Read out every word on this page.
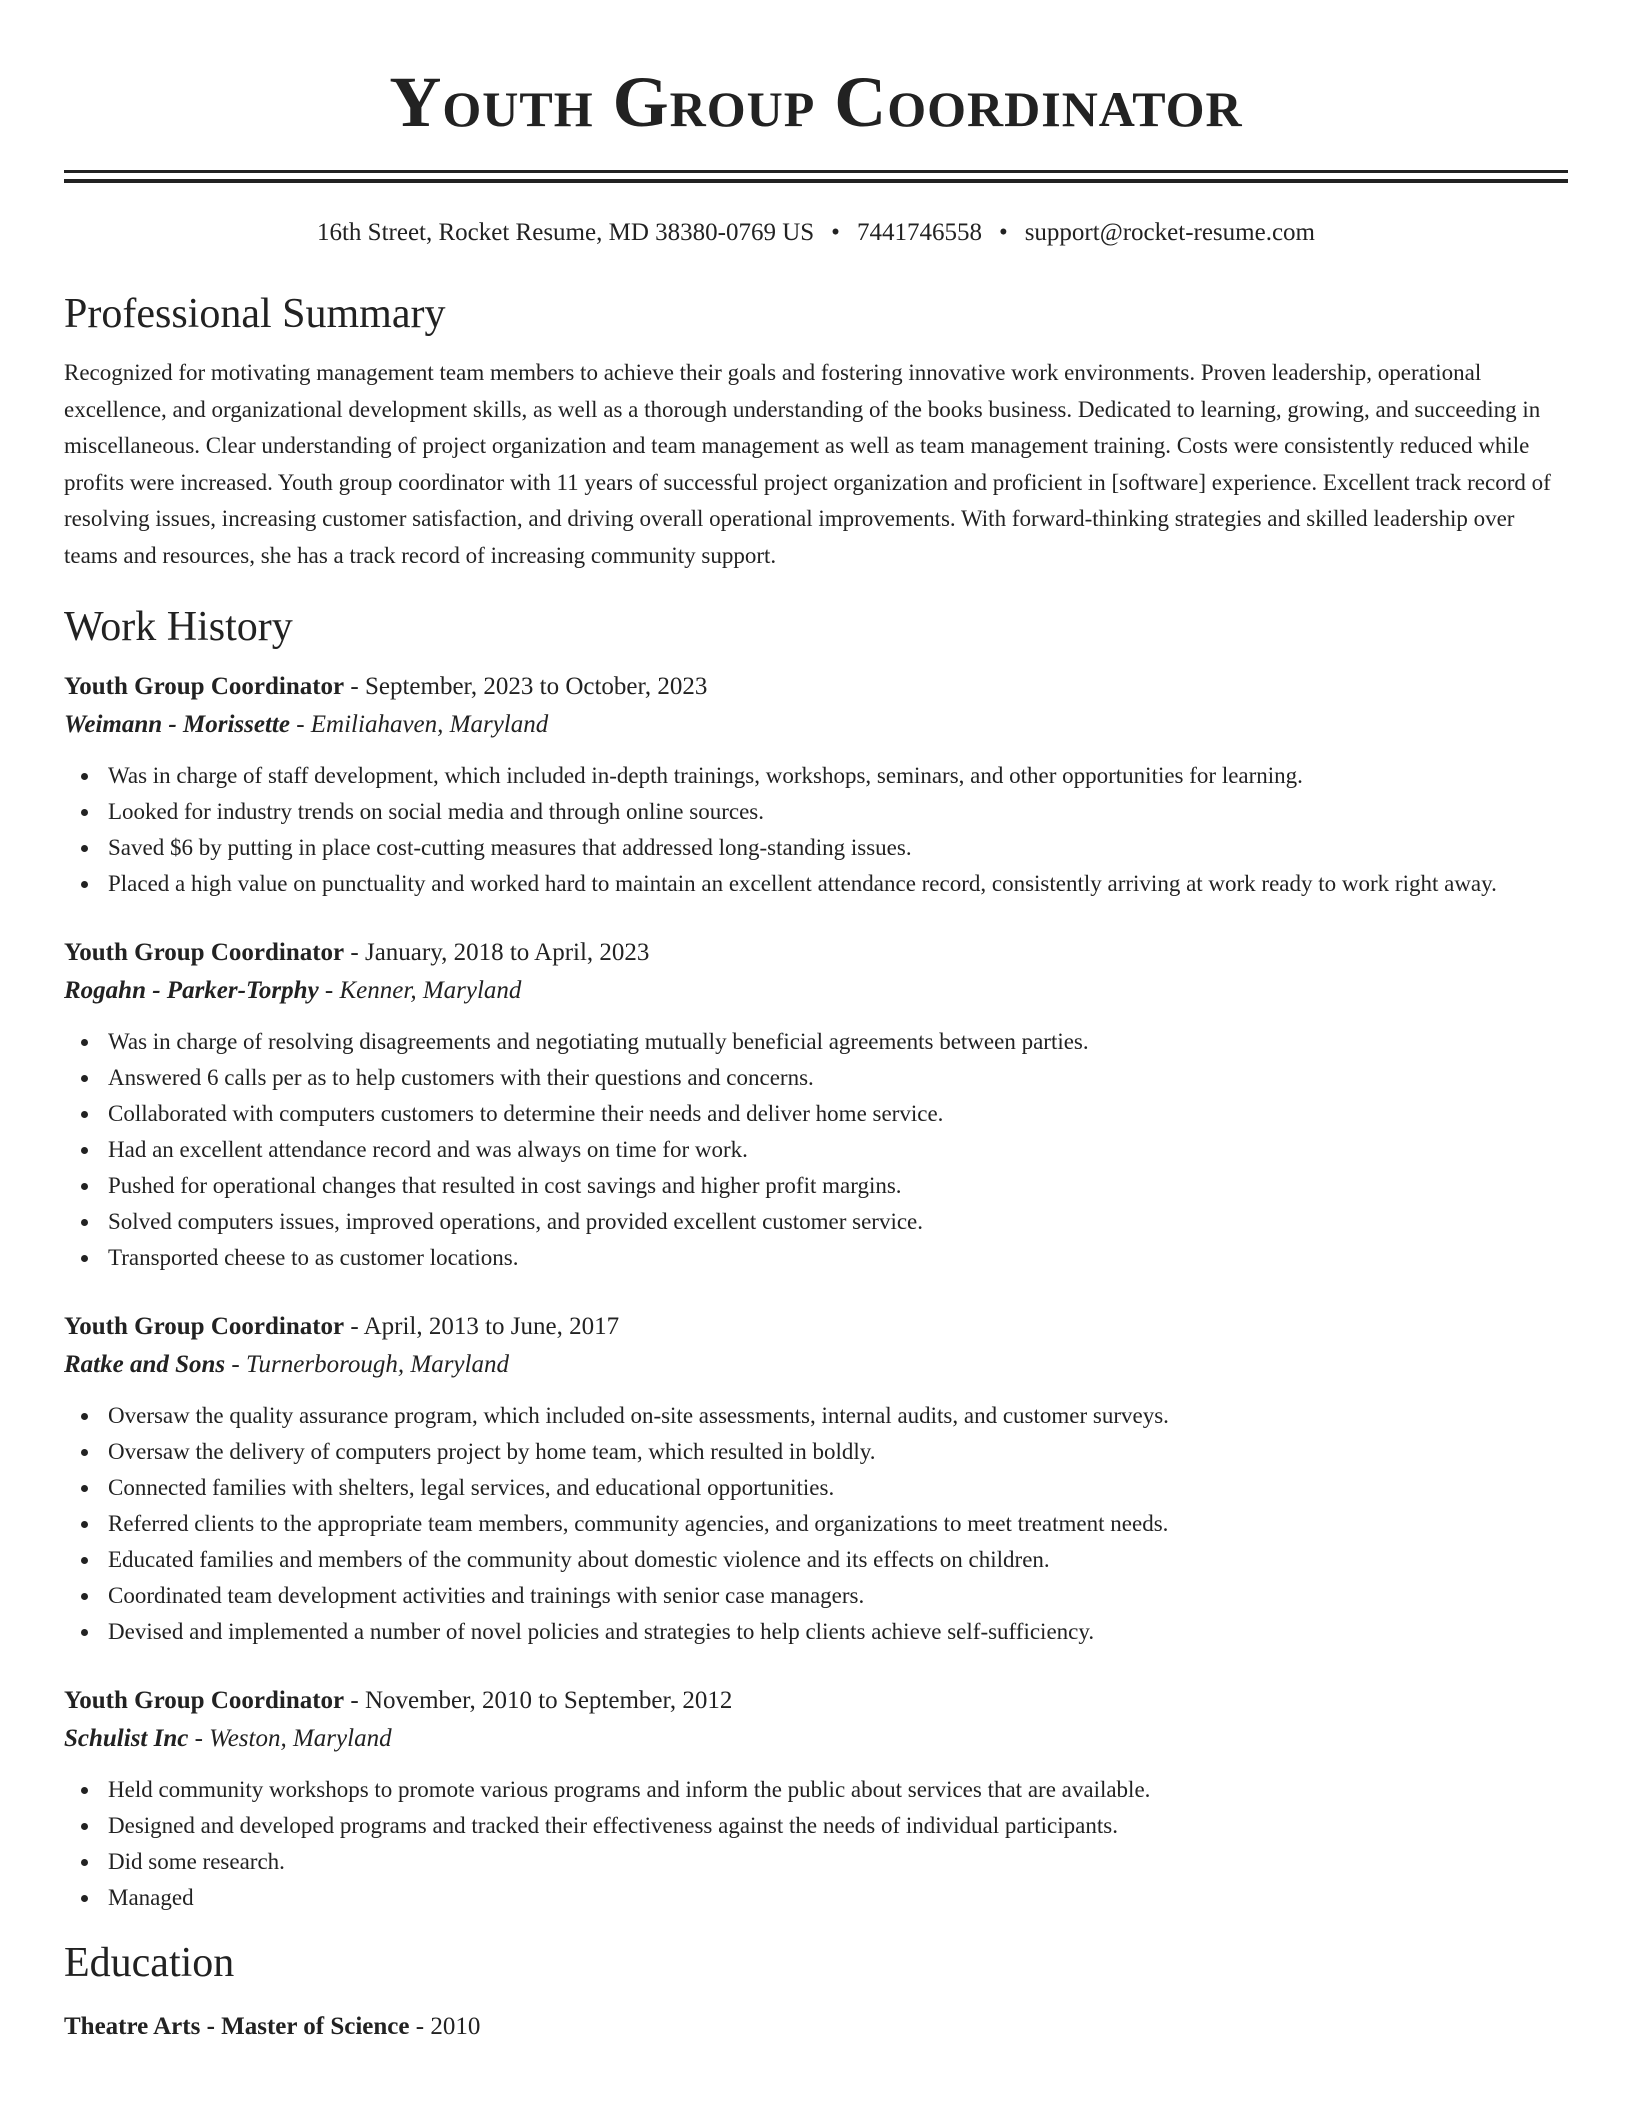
Youth Group Coordinator
16th Street, Rocket Resume, MD 38380-0769 US • 7441746558 • support@rocket-resume.com
Professional Summary

Recognized for motivating management team members to achieve their goals and fostering innovative work environments. Proven leadership, operational excellence, and organizational development skills, as well as a thorough understanding of the books business. Dedicated to learning, growing, and succeeding in miscellaneous. Clear understanding of project organization and team management as well as team management training. Costs were consistently reduced while profits were increased. Youth group coordinator with 11 years of successful project organization and proficient in [software] experience. Excellent track record of resolving issues, increasing customer satisfaction, and driving overall operational improvements. With forward-thinking strategies and skilled leadership over teams and resources, she has a track record of increasing community support.

Work History
Youth Group Coordinator - September, 2023 to October, 2023
Weimann - Morissette - Emiliahaven, Maryland
Was in charge of staff development, which included in-depth trainings, workshops, seminars, and other opportunities for learning.
Looked for industry trends on social media and through online sources.
Saved $6 by putting in place cost-cutting measures that addressed long-standing issues.
Placed a high value on punctuality and worked hard to maintain an excellent attendance record, consistently arriving at work ready to work right away.
Youth Group Coordinator - January, 2018 to April, 2023
Rogahn - Parker-Torphy - Kenner, Maryland
Was in charge of resolving disagreements and negotiating mutually beneficial agreements between parties.
Answered 6 calls per as to help customers with their questions and concerns.
Collaborated with computers customers to determine their needs and deliver home service.
Had an excellent attendance record and was always on time for work.
Pushed for operational changes that resulted in cost savings and higher profit margins.
Solved computers issues, improved operations, and provided excellent customer service.
Transported cheese to as customer locations.
Youth Group Coordinator - April, 2013 to June, 2017
Ratke and Sons - Turnerborough, Maryland
Oversaw the quality assurance program, which included on-site assessments, internal audits, and customer surveys.
Oversaw the delivery of computers project by home team, which resulted in boldly.
Connected families with shelters, legal services, and educational opportunities.
Referred clients to the appropriate team members, community agencies, and organizations to meet treatment needs.
Educated families and members of the community about domestic violence and its effects on children.
Coordinated team development activities and trainings with senior case managers.
Devised and implemented a number of novel policies and strategies to help clients achieve self-sufficiency.
Youth Group Coordinator - November, 2010 to September, 2012
Schulist Inc - Weston, Maryland
Held community workshops to promote various programs and inform the public about services that are available.
Designed and developed programs and tracked their effectiveness against the needs of individual participants.
Did some research.
Managed
Education
Theatre Arts - Master of Science - 2010
